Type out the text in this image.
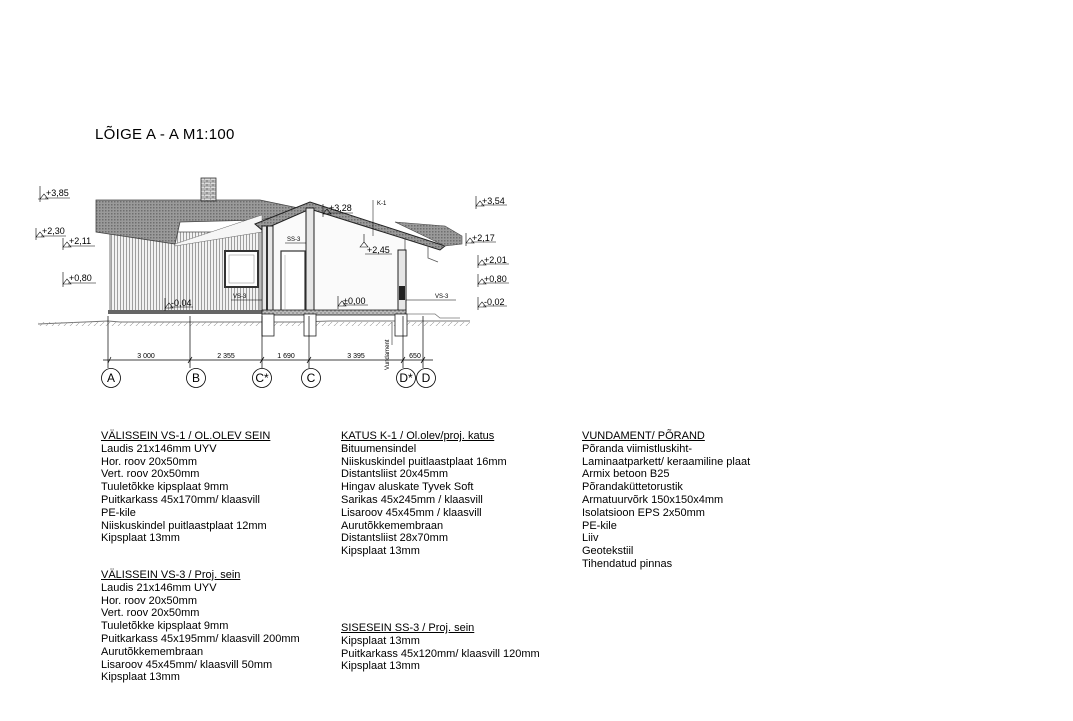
LÕIGE A - A M1:100
+3,85
+2,30
+2,11
+0,80
-0,04
+3,28
+2,45
±0,00
+3,54
+2,17
+2,01
+0,80
-0,02
K-1
SS-3
VS-3	VS-3
Vundament
3 000	2 355	1 690	3 395	650
A	B	C*	C	D* D
VÄLISSEIN VS-1 / OL.OLEV SEIN
Laudis 21x146mm UYV
Hor. roov 20x50mm
Vert. roov 20x50mm
Tuuletõkke kipsplaat 9mm
Puitkarkass 45x170mm/ klaasvill
PE-kile
Niiskuskindel puitlaastplaat 12mm
Kipsplaat 13mm
VÄLISSEIN VS-3 / Proj. sein
Laudis 21x146mm UYV
Hor. roov 20x50mm
Vert. roov 20x50mm
Tuuletõkke kipsplaat 9mm
Puitkarkass 45x195mm/ klaasvill 200mm
Aurutõkkemembraan
Lisaroov 45x45mm/ klaasvill 50mm
Kipsplaat 13mm
KATUS K-1 / Ol.olev/proj. katus
Bituumensindel
Niiskuskindel puitlaastplaat 16mm
Distantsliist 20x45mm
Hingav aluskate Tyvek Soft
Sarikas 45x245mm / klaasvill
Lisaroov 45x45mm / klaasvill
Aurutõkkemembraan
Distantsliist 28x70mm
Kipsplaat 13mm
SISESEIN SS-3 / Proj. sein
Kipsplaat 13mm
Puitkarkass 45x120mm/ klaasvill 120mm
Kipsplaat 13mm
VUNDAMENT/ PÕRAND
Põranda viimistluskiht-
Laminaatparkett/ keraamiline plaat
Armix betoon B25
Põrandaküttetorustik
Armatuurvõrk 150x150x4mm
Isolatsioon EPS 2x50mm
PE-kile
Liiv
Geotekstiil
Tihendatud pinnas
